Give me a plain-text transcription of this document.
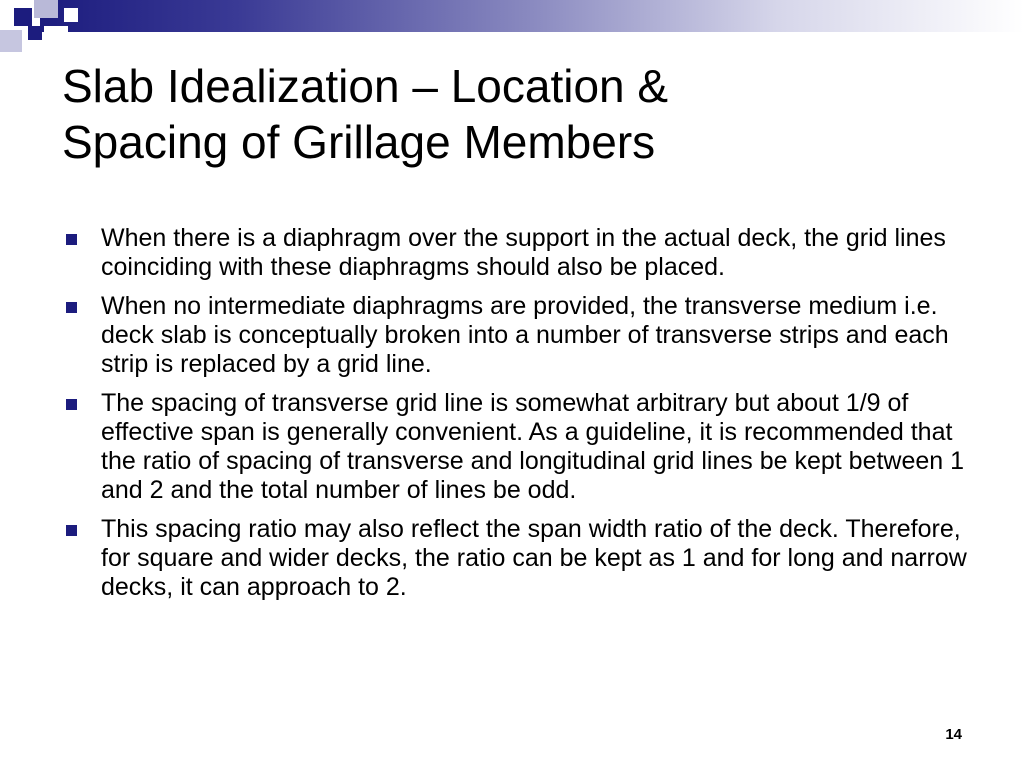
Slab Idealization – Location &
Spacing of Grillage Members
When there is a diaphragm over the support in the actual deck, the grid lines coinciding with these diaphragms should also be placed.
When no intermediate diaphragms are provided, the transverse medium i.e. deck slab is conceptually broken into a number of transverse strips and each strip is replaced by a grid line.
The spacing of transverse grid line is somewhat arbitrary but about 1/9 of effective span is generally convenient. As a guideline, it is recommended that the ratio of spacing of transverse and longitudinal grid lines be kept between 1 and 2 and the total number of lines be odd.
This spacing ratio may also reflect the span width ratio of the deck. Therefore, for square and wider decks, the ratio can be kept as 1 and for long and narrow decks, it can approach to 2.
14
